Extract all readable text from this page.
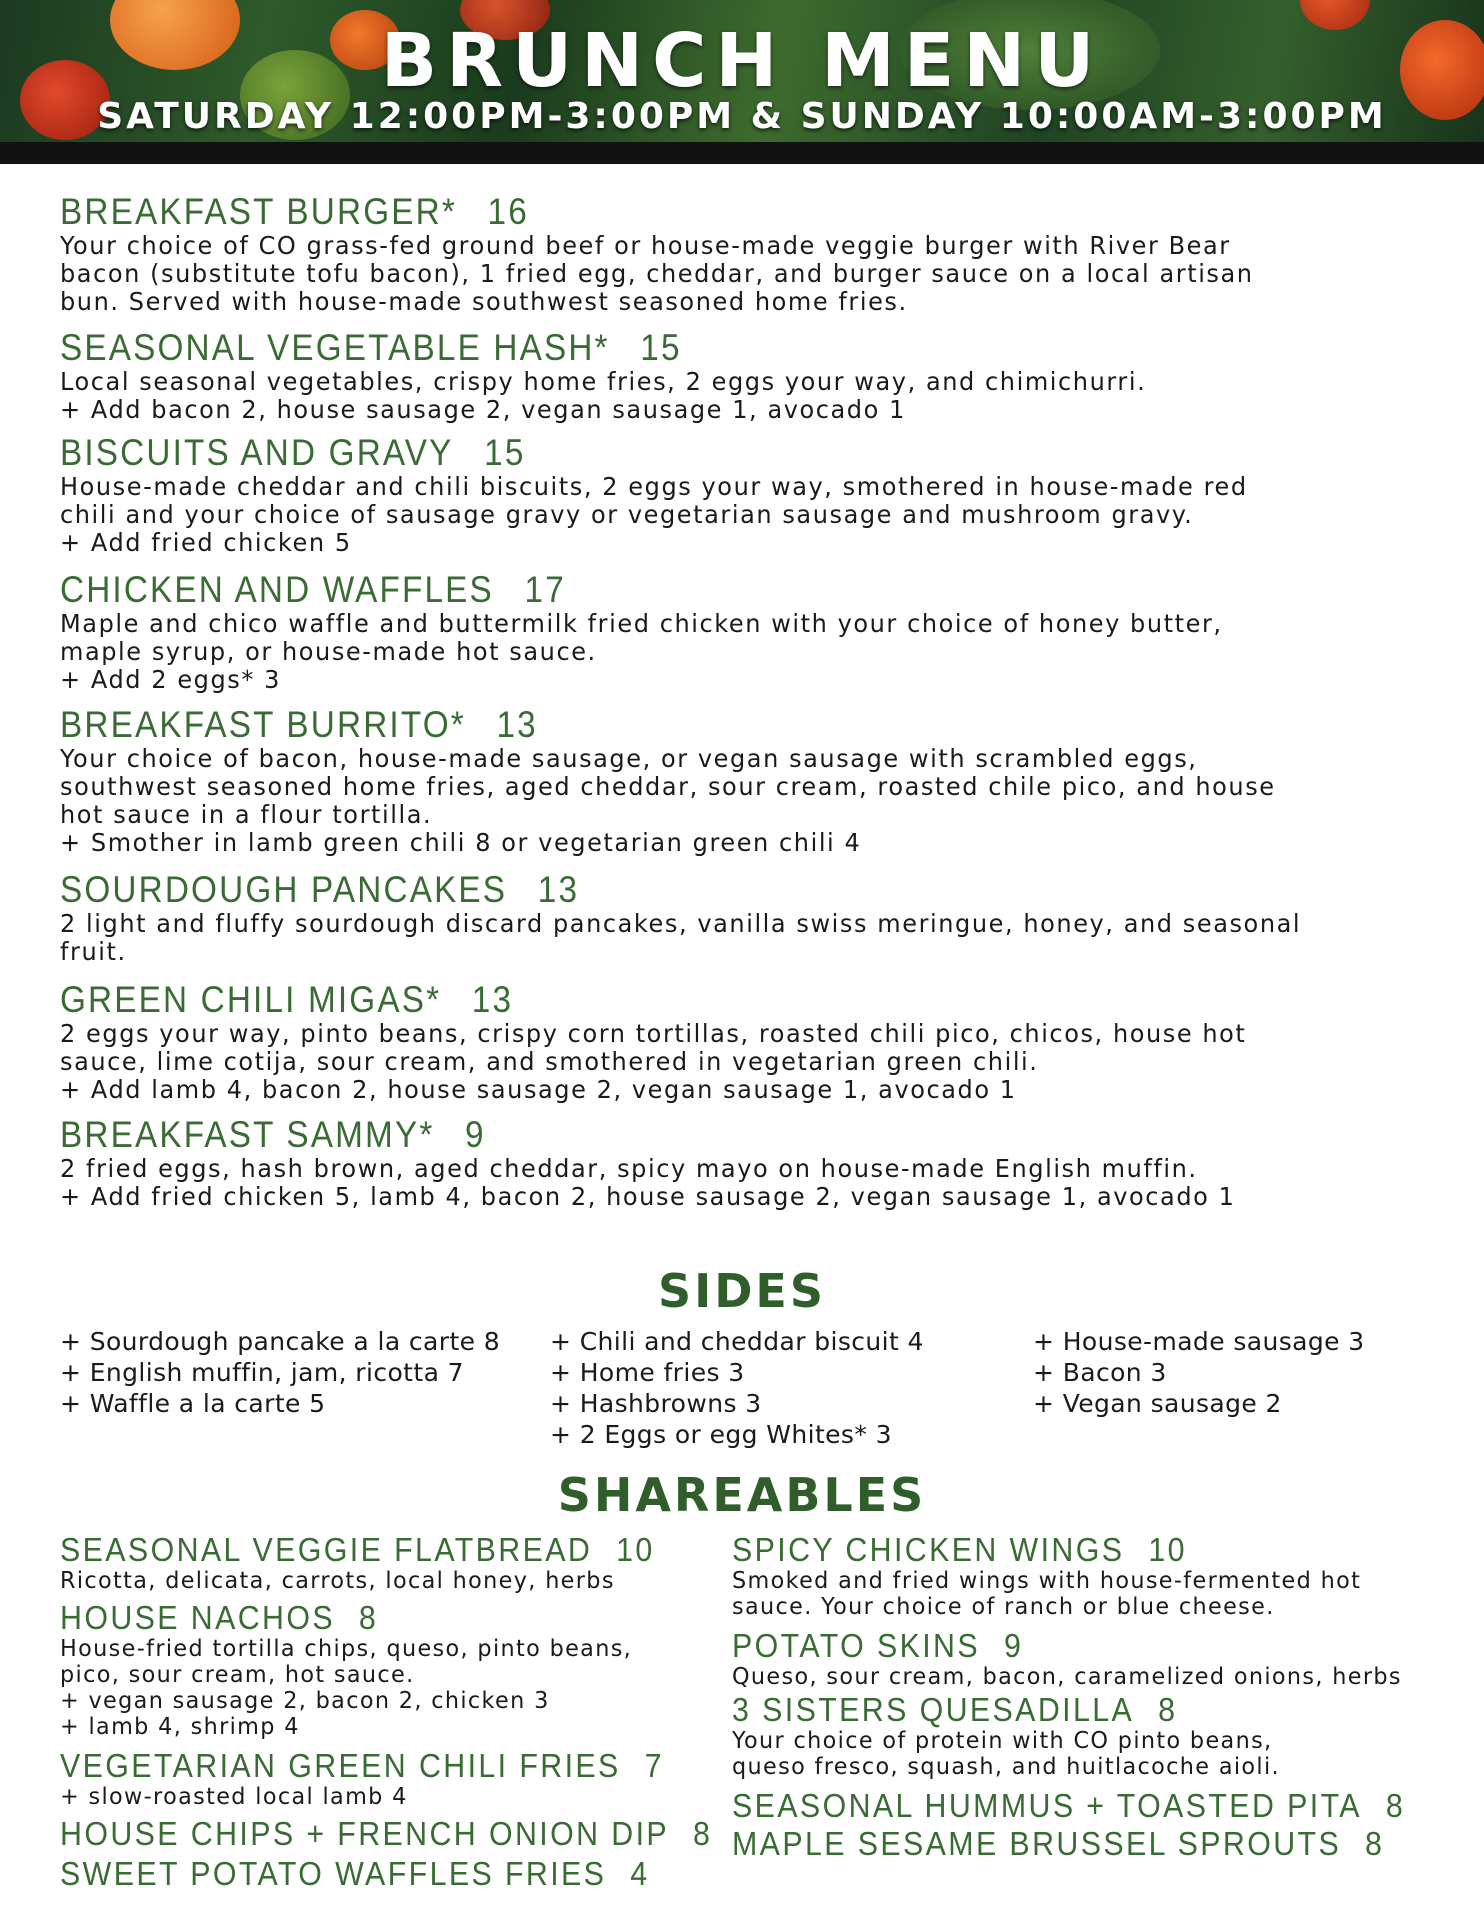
BRUNCH MENU
SATURDAY 12:00PM-3:00PM & SUNDAY 10:00AM-3:00PM
BREAKFAST BURGER* 16
Your choice of CO grass-fed ground beef or house-made veggie burger with River Bear
bacon (substitute tofu bacon), 1 fried egg, cheddar, and burger sauce on a local artisan
bun. Served with house-made southwest seasoned home fries.
SEASONAL VEGETABLE HASH* 15
Local seasonal vegetables, crispy home fries, 2 eggs your way, and chimichurri.
+ Add bacon 2, house sausage 2, vegan sausage 1, avocado 1
BISCUITS AND GRAVY 15
House-made cheddar and chili biscuits, 2 eggs your way, smothered in house-made red
chili and your choice of sausage gravy or vegetarian sausage and mushroom gravy.
+ Add fried chicken 5
CHICKEN AND WAFFLES 17
Maple and chico waffle and buttermilk fried chicken with your choice of honey butter,
maple syrup, or house-made hot sauce.
+ Add 2 eggs* 3
BREAKFAST BURRITO* 13
Your choice of bacon, house-made sausage, or vegan sausage with scrambled eggs,
southwest seasoned home fries, aged cheddar, sour cream, roasted chile pico, and house
hot sauce in a flour tortilla.
+ Smother in lamb green chili 8 or vegetarian green chili 4
SOURDOUGH PANCAKES 13
2 light and fluffy sourdough discard pancakes, vanilla swiss meringue, honey, and seasonal
fruit.
GREEN CHILI MIGAS* 13
2 eggs your way, pinto beans, crispy corn tortillas, roasted chili pico, chicos, house hot
sauce, lime cotija, sour cream, and smothered in vegetarian green chili.
+ Add lamb 4, bacon 2, house sausage 2, vegan sausage 1, avocado 1
BREAKFAST SAMMY* 9
2 fried eggs, hash brown, aged cheddar, spicy mayo on house-made English muffin.
+ Add fried chicken 5, lamb 4, bacon 2, house sausage 2, vegan sausage 1, avocado 1
SIDES
+ Sourdough pancake a la carte 8
+ English muffin, jam, ricotta 7
+ Waffle a la carte 5
+ Chili and cheddar biscuit 4
+ Home fries 3
+ Hashbrowns 3
+ 2 Eggs or egg Whites* 3
+ House-made sausage 3
+ Bacon 3
+ Vegan sausage 2
SHAREABLES
SEASONAL VEGGIE FLATBREAD 10
Ricotta, delicata, carrots, local honey, herbs
HOUSE NACHOS 8
House-fried tortilla chips, queso, pinto beans,
pico, sour cream, hot sauce.
+ vegan sausage 2, bacon 2, chicken 3
+ lamb 4, shrimp 4
VEGETARIAN GREEN CHILI FRIES 7
+ slow-roasted local lamb 4
HOUSE CHIPS + FRENCH ONION DIP 8
SWEET POTATO WAFFLES FRIES 4
SPICY CHICKEN WINGS 10
Smoked and fried wings with house-fermented hot
sauce. Your choice of ranch or blue cheese.
POTATO SKINS 9
Queso, sour cream, bacon, caramelized onions, herbs
3 SISTERS QUESADILLA 8
Your choice of protein with CO pinto beans,
queso fresco, squash, and huitlacoche aioli.
SEASONAL HUMMUS + TOASTED PITA 8
MAPLE SESAME BRUSSEL SPROUTS 8
